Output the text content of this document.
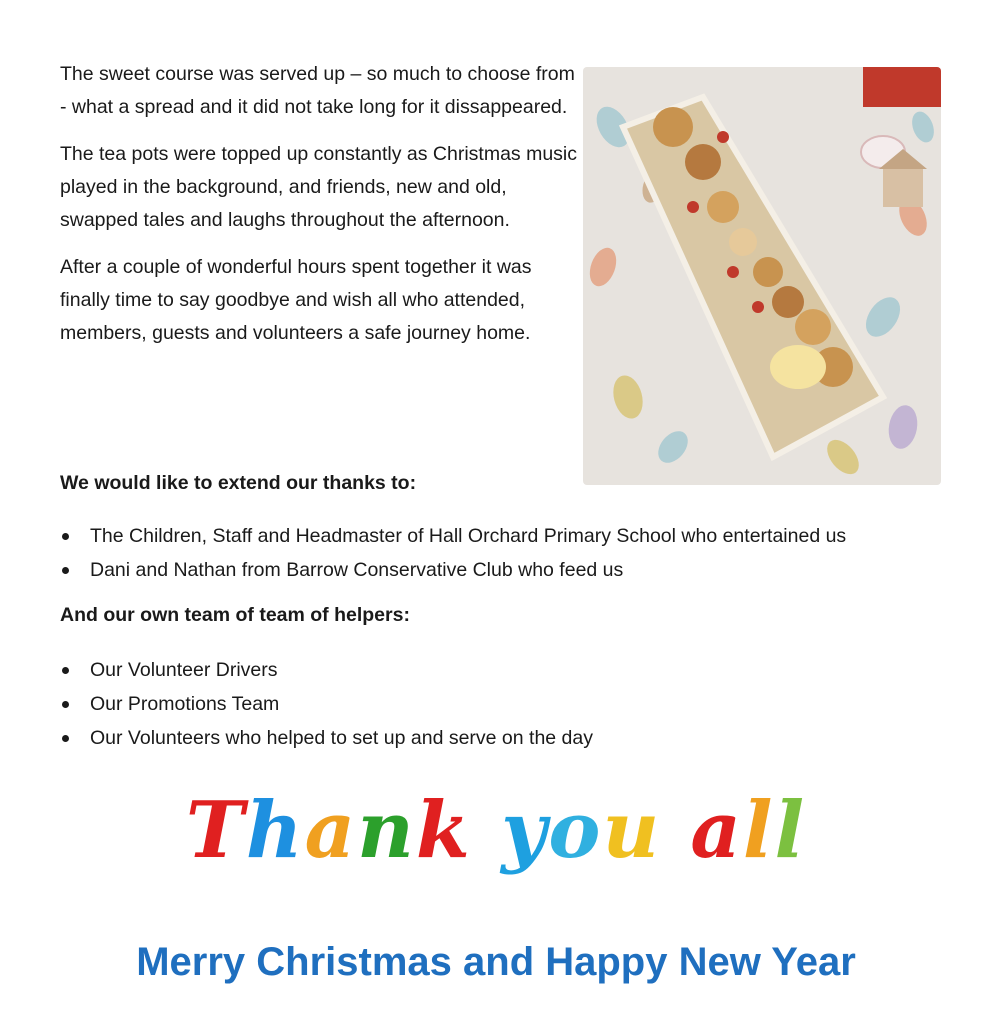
The sweet course was served up – so much to choose from - what a spread and it did not take long for it dissappeared.

The tea pots were topped up constantly as Christmas music played in the background, and friends, new and old, swapped tales and laughs throughout the afternoon.

After a couple of wonderful hours spent together it was finally time to say goodbye and wish all who attended, members, guests and volunteers a safe journey home.

We would like to extend our thanks to:

The Children, Staff and Headmaster of Hall Orchard Primary School who entertained us
Dani and Nathan from Barrow Conservative Club who feed us

And our own team of team of helpers:

Our Volunteer Drivers
Our Promotions Team
Our Volunteers who helped to set up and serve on the day
Thank you all

Merry Christmas and Happy New Year
